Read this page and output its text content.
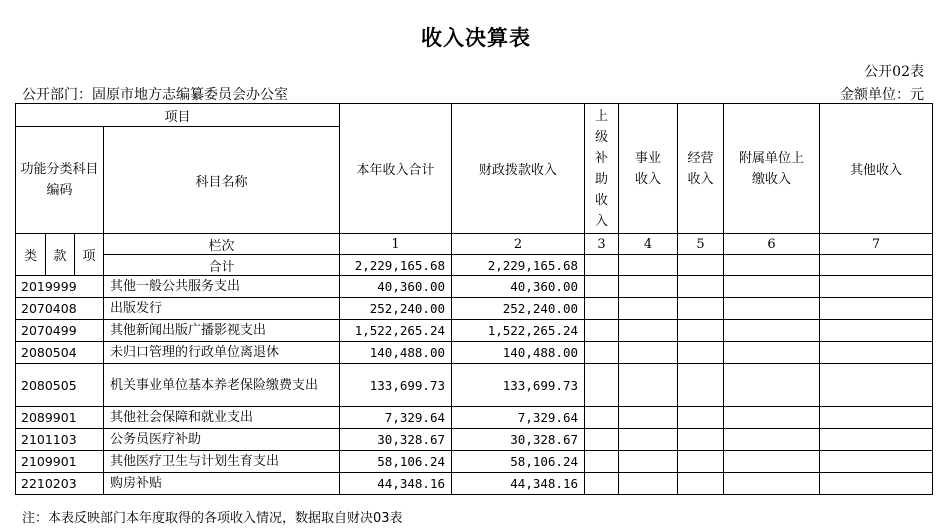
收入决算表
公开02表
公开部门：固原市地方志编纂委员会办公室	金额单位：元
项目				本年收入合计	财政拨款收入	上级补助收入	事业收入	经营收入	附属单位上缴收入	其他收入
功能分类科目编码			科目名称							
类	款	项	栏次	1	2	3	4	5	6	7
			合计	2,229,165.68	2,229,165.68					
2019999			其他一般公共服务支出	40,360.00	40,360.00					
2070408			出版发行	252,240.00	252,240.00					
2070499			其他新闻出版广播影视支出	1,522,265.24	1,522,265.24					
2080504			未归口管理的行政单位离退休	140,488.00	140,488.00					
2080505			机关事业单位基本养老保险缴费支出	133,699.73	133,699.73					
2089901			其他社会保障和就业支出	7,329.64	7,329.64					
2101103			公务员医疗补助	30,328.67	30,328.67					
2109901			其他医疗卫生与计划生育支出	58,106.24	58,106.24					
2210203			购房补贴	44,348.16	44,348.16					
注：本表反映部门本年度取得的各项收入情况，数据取自财决03表
